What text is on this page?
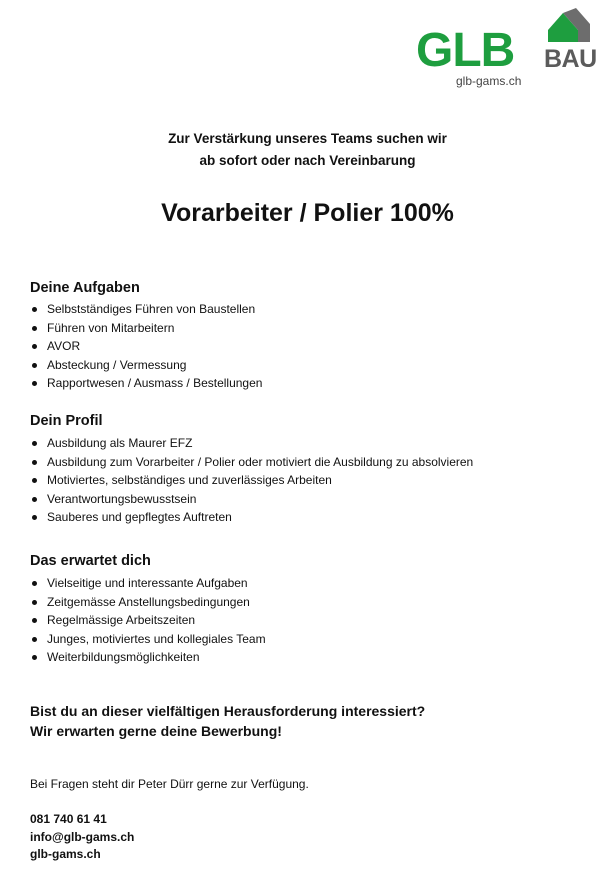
GLB BAU
glb-gams.ch
Zur Verstärkung unseres Teams suchen wir
ab sofort oder nach Vereinbarung
Vorarbeiter / Polier 100%
Deine Aufgaben
Selbstständiges Führen von Baustellen
Führen von Mitarbeitern
AVOR
Absteckung / Vermessung
Rapportwesen / Ausmass / Bestellungen
Dein Profil
Ausbildung als Maurer EFZ
Ausbildung zum Vorarbeiter / Polier oder motiviert die Ausbildung zu absolvieren
Motiviertes, selbständiges und zuverlässiges Arbeiten
Verantwortungsbewusstsein
Sauberes und gepflegtes Auftreten
Das erwartet dich
Vielseitige und interessante Aufgaben
Zeitgemässe Anstellungsbedingungen
Regelmässige Arbeitszeiten
Junges, motiviertes und kollegiales Team
Weiterbildungsmöglichkeiten
Bist du an dieser vielfältigen Herausforderung interessiert?
Wir erwarten gerne deine Bewerbung!
Bei Fragen steht dir Peter Dürr gerne zur Verfügung.
081 740 61 41
info@glb-gams.ch
glb-gams.ch
